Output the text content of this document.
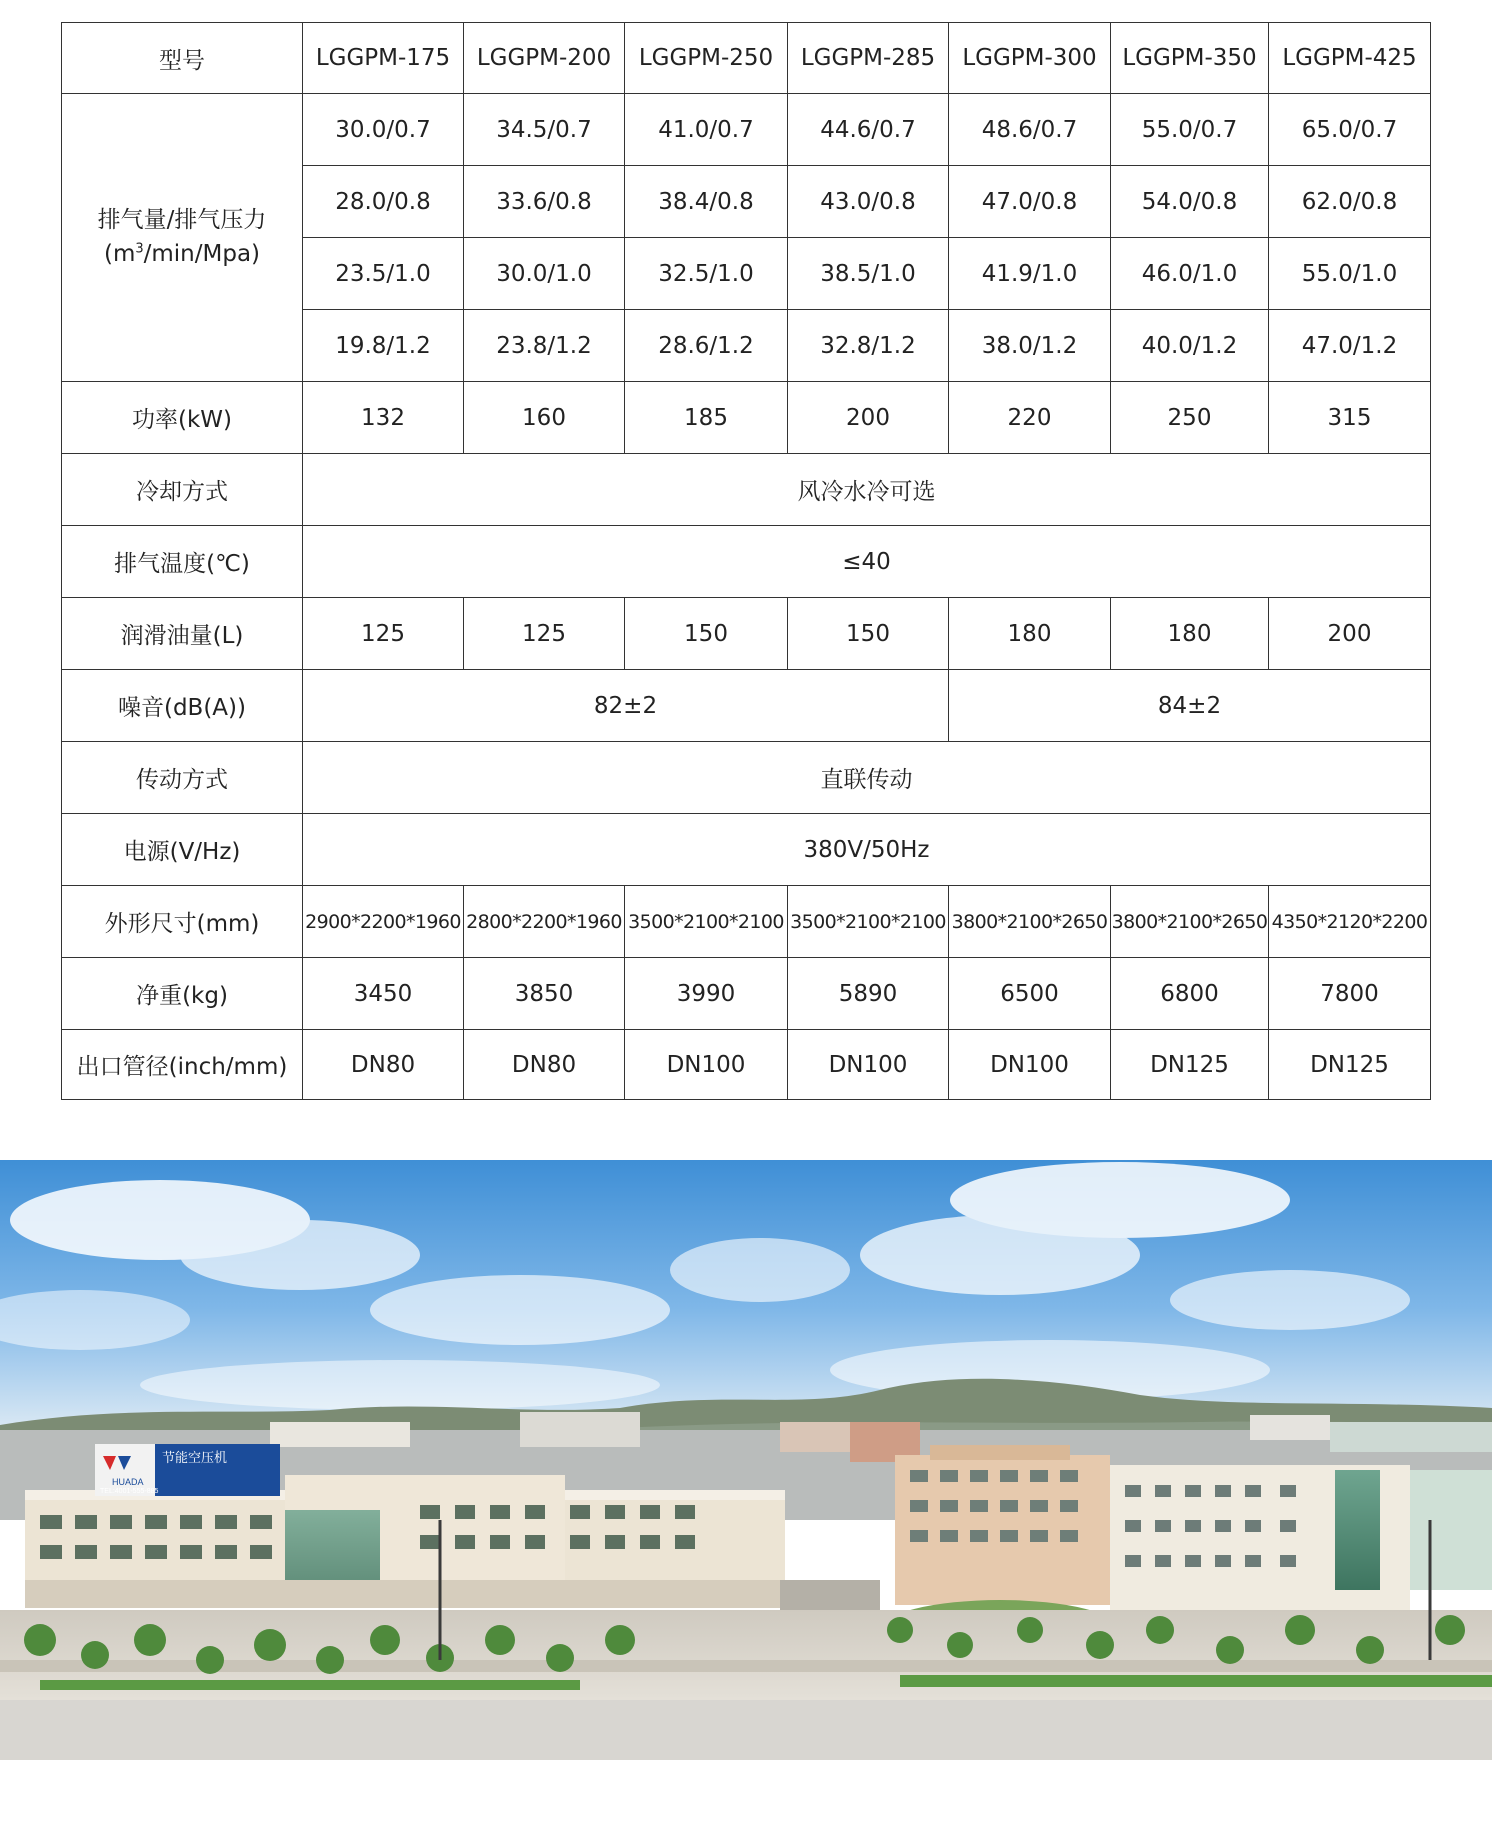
型号	LGGPM-175	LGGPM-200	LGGPM-250	LGGPM-285	LGGPM-300	LGGPM-350	LGGPM-425

排气量/排气压力
$(m^3/\min/Mpa)$	30.0/0.7	34.5/0.7	41.0/0.7	44.6/0.7	48.6/0.7	55.0/0.7	65.0/0.7
	28.0/0.8	33.6/0.8	38.4/0.8	43.0/0.8	47.0/0.8	54.0/0.8	62.0/0.8
	23.5/1.0	30.0/1.0	32.5/1.0	38.5/1.0	41.9/1.0	46.0/1.0	55.0/1.0
	19.8/1.2	23.8/1.2	28.6/1.2	32.8/1.2	38.0/1.2	40.0/1.2	47.0/1.2
功率(kW)	132	160	185	200	220	250	315
冷却方式	风冷水冷可选						
排气温度(℃)	≤40						
润滑油量(L)	125	125	150	150	180	180	200
噪音(dB(A))	82±2				84±2		
传动方式	直联传动						
电源(V/Hz)	380V/50Hz						
外形尺寸(mm)	2900*2200*1960	2800*2200*1960	3500*2100*2100	3500*2100*2100	3800*2100*2650	3800*2100*2650	4350*2120*2200
净重(kg)	3450	3850	3990	5890	6500	6800	7800
出口管径(inch/mm)	DN80	DN80	DN100	DN100	DN100	DN125	DN125
HUADA
节能空压机
TEL:4001-555-885
